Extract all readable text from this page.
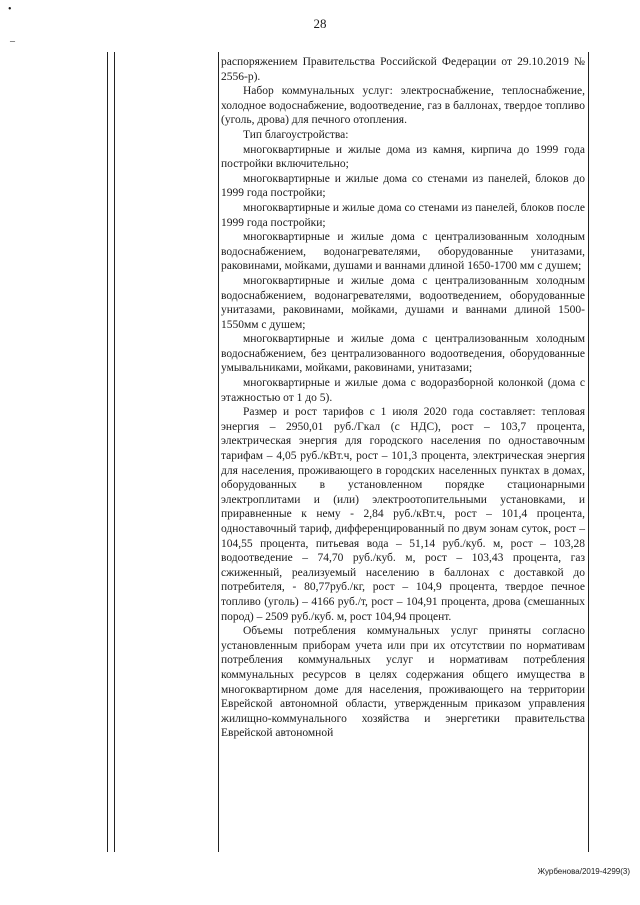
•
–
28

распоряжением Правительства Российской Федерации от 29.10.2019 № 2556-р).

Набор коммунальных услуг: электроснабжение, теплоснабжение, холодное водоснабжение, водоотведение, газ в баллонах, твердое топливо (уголь, дрова) для печного отопления.

Тип благоустройства:

многоквартирные и жилые дома из камня, кирпича до 1999 года постройки включительно;

многоквартирные и жилые дома со стенами из панелей, блоков до 1999 года постройки;

многоквартирные и жилые дома со стенами из панелей, блоков после 1999 года постройки;

многоквартирные и жилые дома с централизованным холодным водоснабжением, водонагревателями, оборудованные унитазами, раковинами, мойками, душами и ваннами длиной 1650-1700 мм с душем;

многоквартирные и жилые дома с централизованным холодным водоснабжением, водонагревателями, водоотведением, оборудованные унитазами, раковинами, мойками, душами и ваннами длиной 1500-1550мм с душем;

многоквартирные и жилые дома с централизованным холодным водоснабжением, без централизованного водоотведения, оборудованные умывальниками, мойками, раковинами, унитазами;

многоквартирные и жилые дома с водоразборной колонкой (дома с этажностью от 1 до 5).

Размер и рост тарифов с 1 июля 2020 года составляет: тепловая энергия – 2950,01 руб./Гкал (с НДС), рост – 103,7 процента, электрическая энергия для городского населения по одноставочным тарифам – 4,05 руб./кВт.ч, рост – 101,3 процента, электрическая энергия для населения, проживающего в городских населенных пунктах в домах, оборудованных в установленном порядке стационарными электроплитами и (или) электроотопительными установками, и приравненные к нему - 2,84 руб./кВт.ч, рост – 101,4 процента, одноставочный тариф, дифференцированный по двум зонам суток, рост – 104,55 процента, питьевая вода – 51,14 руб./куб. м, рост – 103,28 водоотведение – 74,70 руб./куб. м, рост – 103,43 процента, газ сжиженный, реализуемый населению в баллонах с доставкой до потребителя, - 80,77руб./кг, рост – 104,9 процента, твердое печное топливо (уголь) – 4166 руб./т, рост – 104,91 процента, дрова (смешанных пород) – 2509 руб./куб. м, рост 104,94 процент.

Объемы потребления коммунальных услуг приняты согласно установленным приборам учета или при их отсутствии по нормативам потребления коммунальных услуг и нормативам потребления коммунальных ресурсов в целях содержания общего имущества в многоквартирном доме для населения, проживающего на территории Еврейской автономной области, утвержденным приказом управления жилищно-коммунального хозяйства и энергетики правительства Еврейской автономной

Журбенова/2019-4299(3)
